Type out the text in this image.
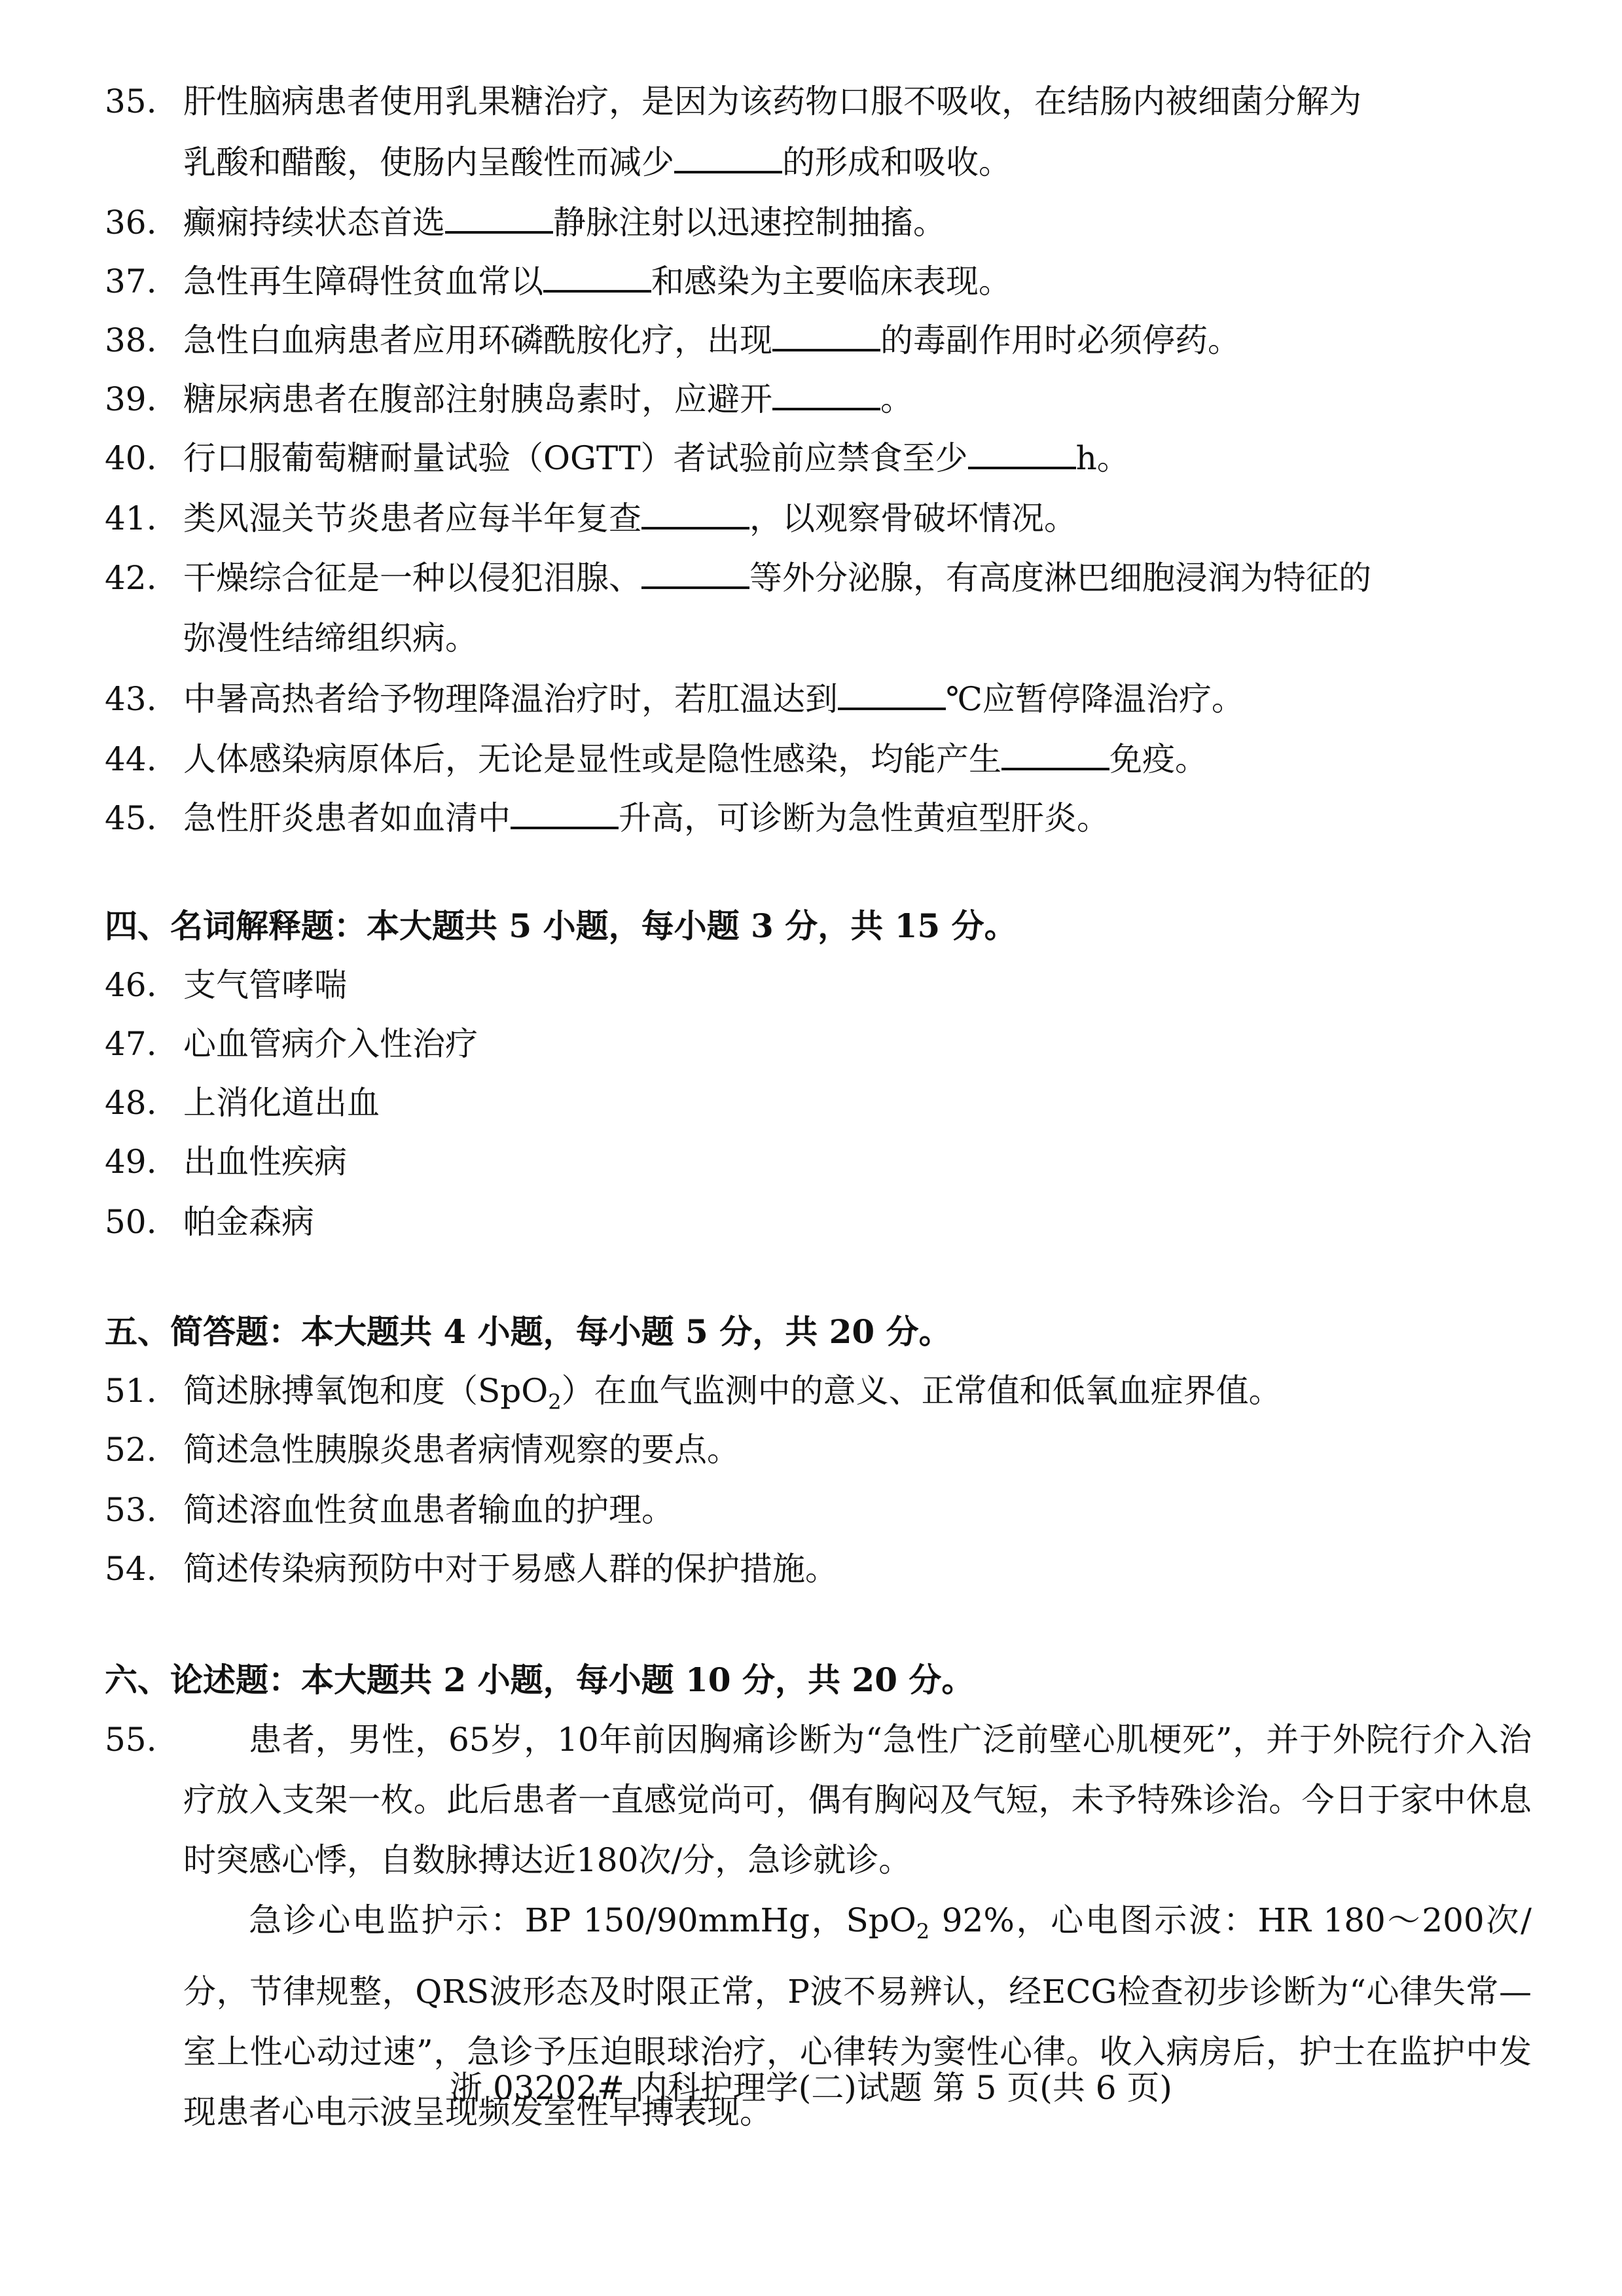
35. 肝性脑病患者使用乳果糖治疗，是因为该药物口服不吸收，在结肠内被细菌分解为
乳酸和醋酸，使肠内呈酸性而减少	的形成和吸收。
36. 癫痫持续状态首选	静脉注射以迅速控制抽搐。
37. 急性再生障碍性贫血常以	和感染为主要临床表现。
38. 急性白血病患者应用环磷酰胺化疗，出现	的毒副作用时必须停药。
39. 糖尿病患者在腹部注射胰岛素时，应避开	。
40. 行口服葡萄糖耐量试验（OGTT）者试验前应禁食至少	h。
41. 类风湿关节炎患者应每半年复查	，以观察骨破坏情况。
42. 干燥综合征是一种以侵犯泪腺、	等外分泌腺，有高度淋巴细胞浸润为特征的
弥漫性结缔组织病。
43. 中暑高热者给予物理降温治疗时，若肛温达到	℃应暂停降温治疗。
44. 人体感染病原体后，无论是显性或是隐性感染，均能产生	免疫。
45. 急性肝炎患者如血清中	升高，可诊断为急性黄疸型肝炎。
四、名词解释题：本大题共 5 小题，每小题 3 分，共 15 分。
46. 支气管哮喘
47. 心血管病介入性治疗
48. 上消化道出血
49. 出血性疾病
50. 帕金森病
五、简答题：本大题共 4 小题，每小题 5 分，共 20 分。
51. 简述脉搏氧饱和度（SpO$_2$）在血气监测中的意义、正常值和低氧血症界值。
52. 简述急性胰腺炎患者病情观察的要点。
53. 简述溶血性贫血患者输血的护理。
54. 简述传染病预防中对于易感人群的保护措施。
六、论述题：本大题共 2 小题，每小题 10 分，共 20 分。
55.	患者，男性，65岁，10年前因胸痛诊断为“急性广泛前壁心肌梗死”，并于外院行介入治疗放入支架一枚。此后患者一直感觉尚可，偶有胸闷及气短，未予特殊诊治。今日于家中休息时突感心悸，自数脉搏达近180次/分，急诊就诊。
急诊心电监护示：BP 150/90mmHg，SpO$_2$ 92%，心电图示波：HR 180～200次/分，节律规整，QRS波形态及时限正常，P波不易辨认，经ECG检查初步诊断为“心律失常—室上性心动过速”，急诊予压迫眼球治疗，心律转为窦性心律。收入病房后，护士在监护中发现患者心电示波呈现频发室性早搏表现。
浙 03202# 内科护理学(二)试题 第 5 页(共 6 页)
